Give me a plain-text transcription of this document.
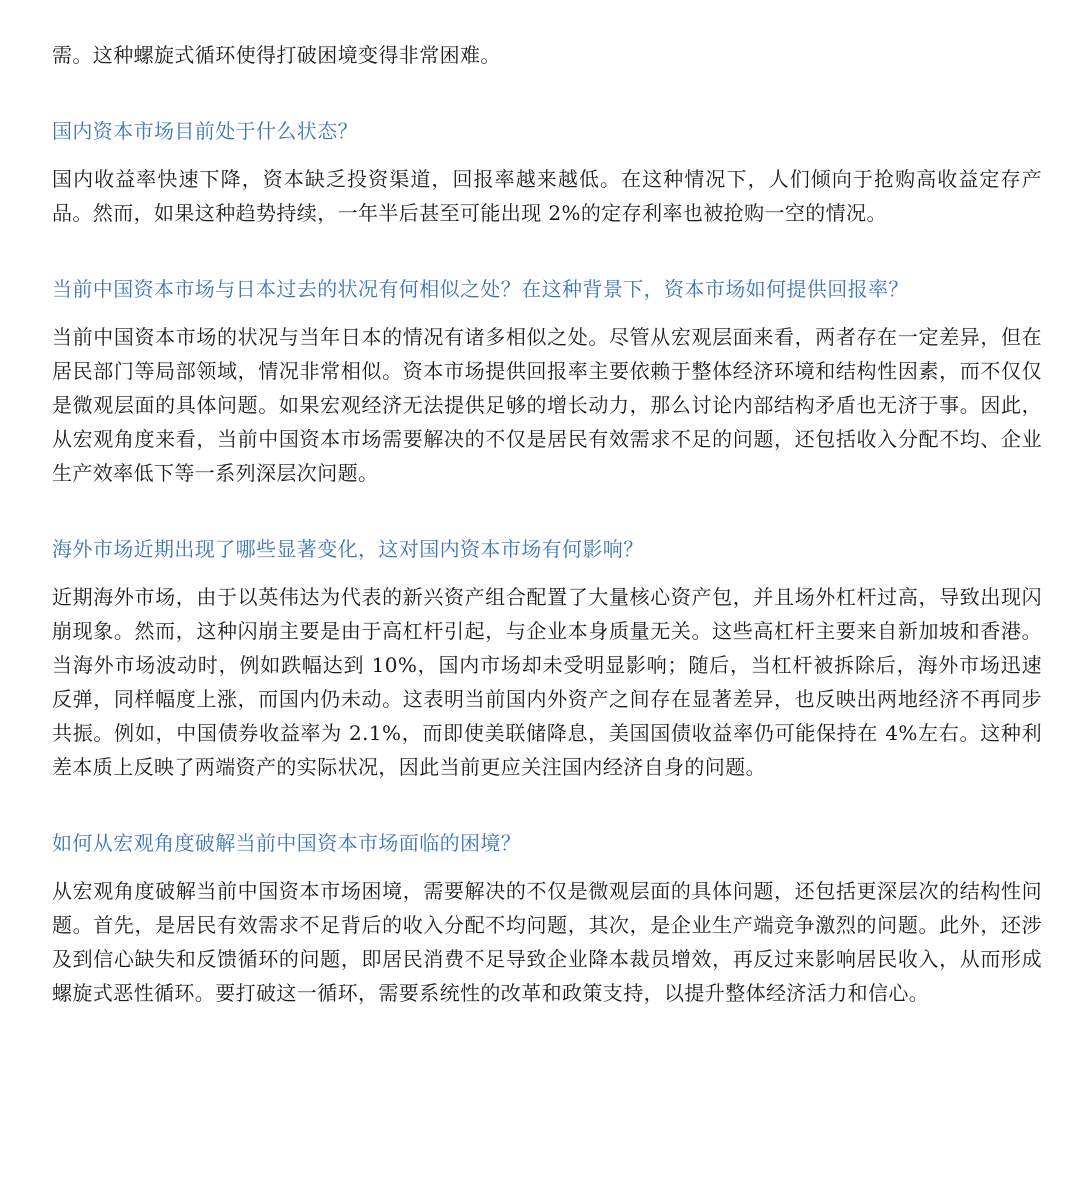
需。这种螺旋式循环使得打破困境变得非常困难。

国内资本市场目前处于什么状态？

国内收益率快速下降，资本缺乏投资渠道，回报率越来越低。在这种情况下，人们倾向于抢购高收益定存产品。然而，如果这种趋势持续，一年半后甚至可能出现 2%的定存利率也被抢购一空的情况。

当前中国资本市场与日本过去的状况有何相似之处？在这种背景下，资本市场如何提供回报率？

当前中国资本市场的状况与当年日本的情况有诸多相似之处。尽管从宏观层面来看，两者存在一定差异，但在居民部门等局部领域，情况非常相似。资本市场提供回报率主要依赖于整体经济环境和结构性因素，而不仅仅是微观层面的具体问题。如果宏观经济无法提供足够的增长动力，那么讨论内部结构矛盾也无济于事。因此，从宏观角度来看，当前中国资本市场需要解决的不仅是居民有效需求不足的问题，还包括收入分配不均、企业生产效率低下等一系列深层次问题。

海外市场近期出现了哪些显著变化，这对国内资本市场有何影响？

近期海外市场，由于以英伟达为代表的新兴资产组合配置了大量核心资产包，并且场外杠杆过高，导致出现闪崩现象。然而，这种闪崩主要是由于高杠杆引起，与企业本身质量无关。这些高杠杆主要来自新加坡和香港。当海外市场波动时，例如跌幅达到 10%，国内市场却未受明显影响；随后，当杠杆被拆除后，海外市场迅速反弹，同样幅度上涨，而国内仍未动。这表明当前国内外资产之间存在显著差异，也反映出两地经济不再同步共振。例如，中国债券收益率为 2.1%，而即使美联储降息，美国国债收益率仍可能保持在 4%左右。这种利差本质上反映了两端资产的实际状况，因此当前更应关注国内经济自身的问题。

如何从宏观角度破解当前中国资本市场面临的困境？

从宏观角度破解当前中国资本市场困境，需要解决的不仅是微观层面的具体问题，还包括更深层次的结构性问题。首先，是居民有效需求不足背后的收入分配不均问题，其次，是企业生产端竞争激烈的问题。此外，还涉及到信心缺失和反馈循环的问题，即居民消费不足导致企业降本裁员增效，再反过来影响居民收入，从而形成螺旋式恶性循环。要打破这一循环，需要系统性的改革和政策支持，以提升整体经济活力和信心。
